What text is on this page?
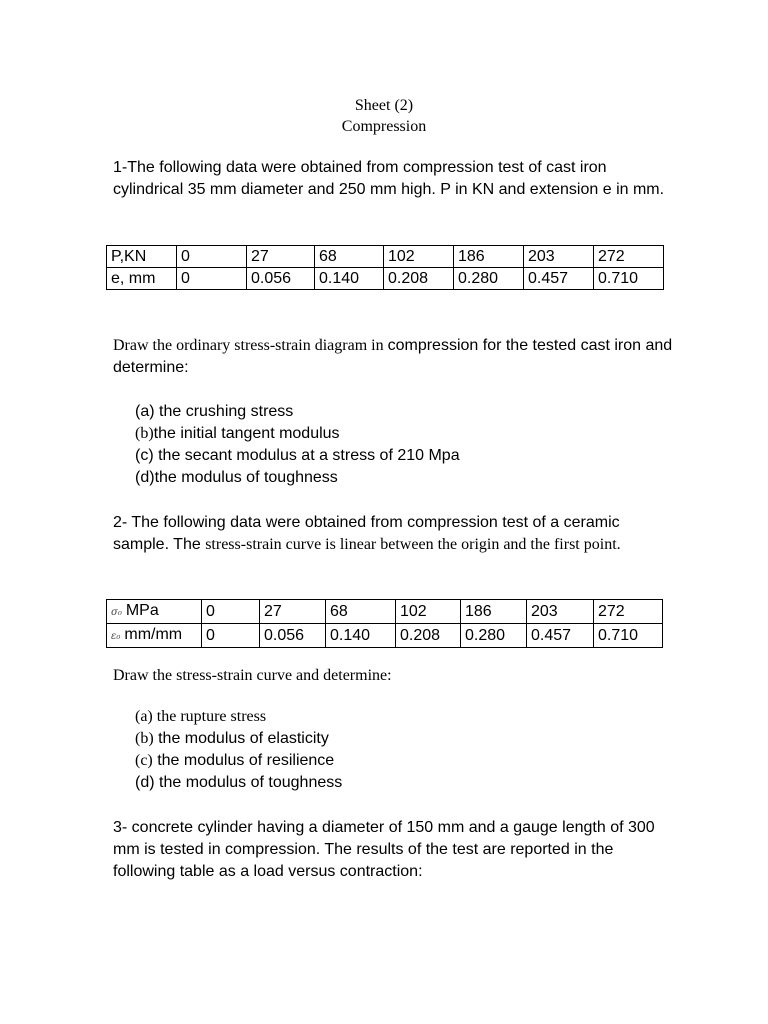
Sheet (2)
Compression
1-The following data were obtained from compression test of cast iron cylindrical 35 mm diameter and 250 mm high. P in KN and extension e in mm.
P,KN	0	27	68	102	186	203	272
e, mm	0	0.056	0.140	0.208	0.280	0.457	0.710
Draw the ordinary stress-strain diagram in compression for the tested cast iron and determine:
(a) the crushing stress
(b)the initial tangent modulus
(c) the secant modulus at a stress of 210 Mpa
(d)the modulus of toughness
2- The following data were obtained from compression test of a ceramic sample. The stress-strain curve is linear between the origin and the first point.
σ₀ MPa	0	27	68	102	186	203	272
ε₀ mm/mm	0	0.056	0.140	0.208	0.280	0.457	0.710
Draw the stress-strain curve and determine:
(a) the rupture stress
(b) the modulus of elasticity
(c) the modulus of resilience
(d) the modulus of toughness
3- concrete cylinder having a diameter of 150 mm and a gauge length of 300 mm is tested in compression. The results of the test are reported in the following table as a load versus contraction:
